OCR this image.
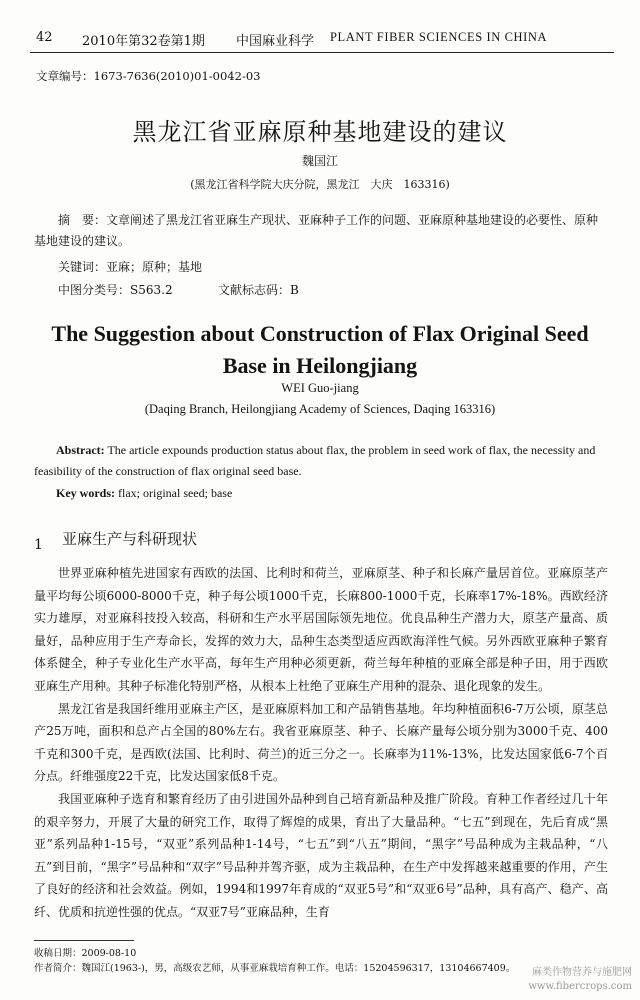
42 2010年第32卷第1期 中国麻业科学 PLANT FIBER SCIENCES IN CHINA
文章编号：1673-7636(2010)01-0042-03
黑龙江省亚麻原种基地建设的建议
魏国江
(黑龙江省科学院大庆分院，黑龙江　大庆　163316)

摘　要：文章阐述了黑龙江省亚麻生产现状、亚麻种子工作的问题、亚麻原种基地建设的必要性、原种基地建设的建议。

关键词：亚麻；原种；基地
中图分类号：S563.2	文献标志码：B
The Suggestion about Construction of Flax Original Seed
Base in Heilongjiang
WEI Guo-jiang
(Daqing Branch, Heilongjiang Academy of Sciences, Daqing 163316)

Abstract: The article expounds production status about flax, the problem in seed work of flax, the necessity and feasibility of the construction of flax original seed base.

Key words: flax; original seed; base
1 亚麻生产与科研现状

世界亚麻种植先进国家有西欧的法国、比利时和荷兰，亚麻原茎、种子和长麻产量居首位。亚麻原茎产量平均每公顷6000-8000千克，种子每公顷1000千克，长麻800-1000千克，长麻率17%-18%。西欧经济实力雄厚，对亚麻科技投入较高，科研和生产水平居国际领先地位。优良品种生产潜力大，原茎产量高、质量好，品种应用于生产寿命长，发挥的效力大，品种生态类型适应西欧海洋性气候。另外西欧亚麻种子繁育体系健全，种子专业化生产水平高，每年生产用种必须更新，荷兰每年种植的亚麻全部是种子田，用于西欧亚麻生产用种。其种子标准化特别严格，从根本上杜绝了亚麻生产用种的混杂、退化现象的发生。

黑龙江省是我国纤维用亚麻主产区，是亚麻原料加工和产品销售基地。年均种植面积6-7万公顷，原茎总产25万吨，面积和总产占全国的80%左右。我省亚麻原茎、种子、长麻产量每公顷分别为3000千克、400千克和300千克，是西欧(法国、比利时、荷兰)的近三分之一。长麻率为11%-13%，比发达国家低6-7个百分点。纤维强度22千克，比发达国家低8千克。

我国亚麻种子选育和繁育经历了由引进国外品种到自己培育新品种及推广阶段。育种工作者经过几十年的艰辛努力，开展了大量的研究工作，取得了辉煌的成果，育出了大量品种。“七五”到现在，先后育成“黑亚”系列品种1-15号，“双亚”系列品种1-14号，“七五”到“八五”期间，“黑字”号品种成为主栽品种，“八五”到目前，“黑字”号品种和“双字”号品种并驾齐驱，成为主栽品种，在生产中发挥越来越重要的作用，产生了良好的经济和社会效益。例如，1994和1997年育成的“双亚5号”和“双亚6号”品种，具有高产、稳产、高纤、优质和抗逆性强的优点。“双亚7号”亚麻品种，生育

收稿日期：2009-08-10
作者简介：魏国江(1963-)，男，高级农艺师，从事亚麻栽培育种工作。电话：15204596317，13104667409。	麻类作物营养与施肥网
www.fibercrops.com
